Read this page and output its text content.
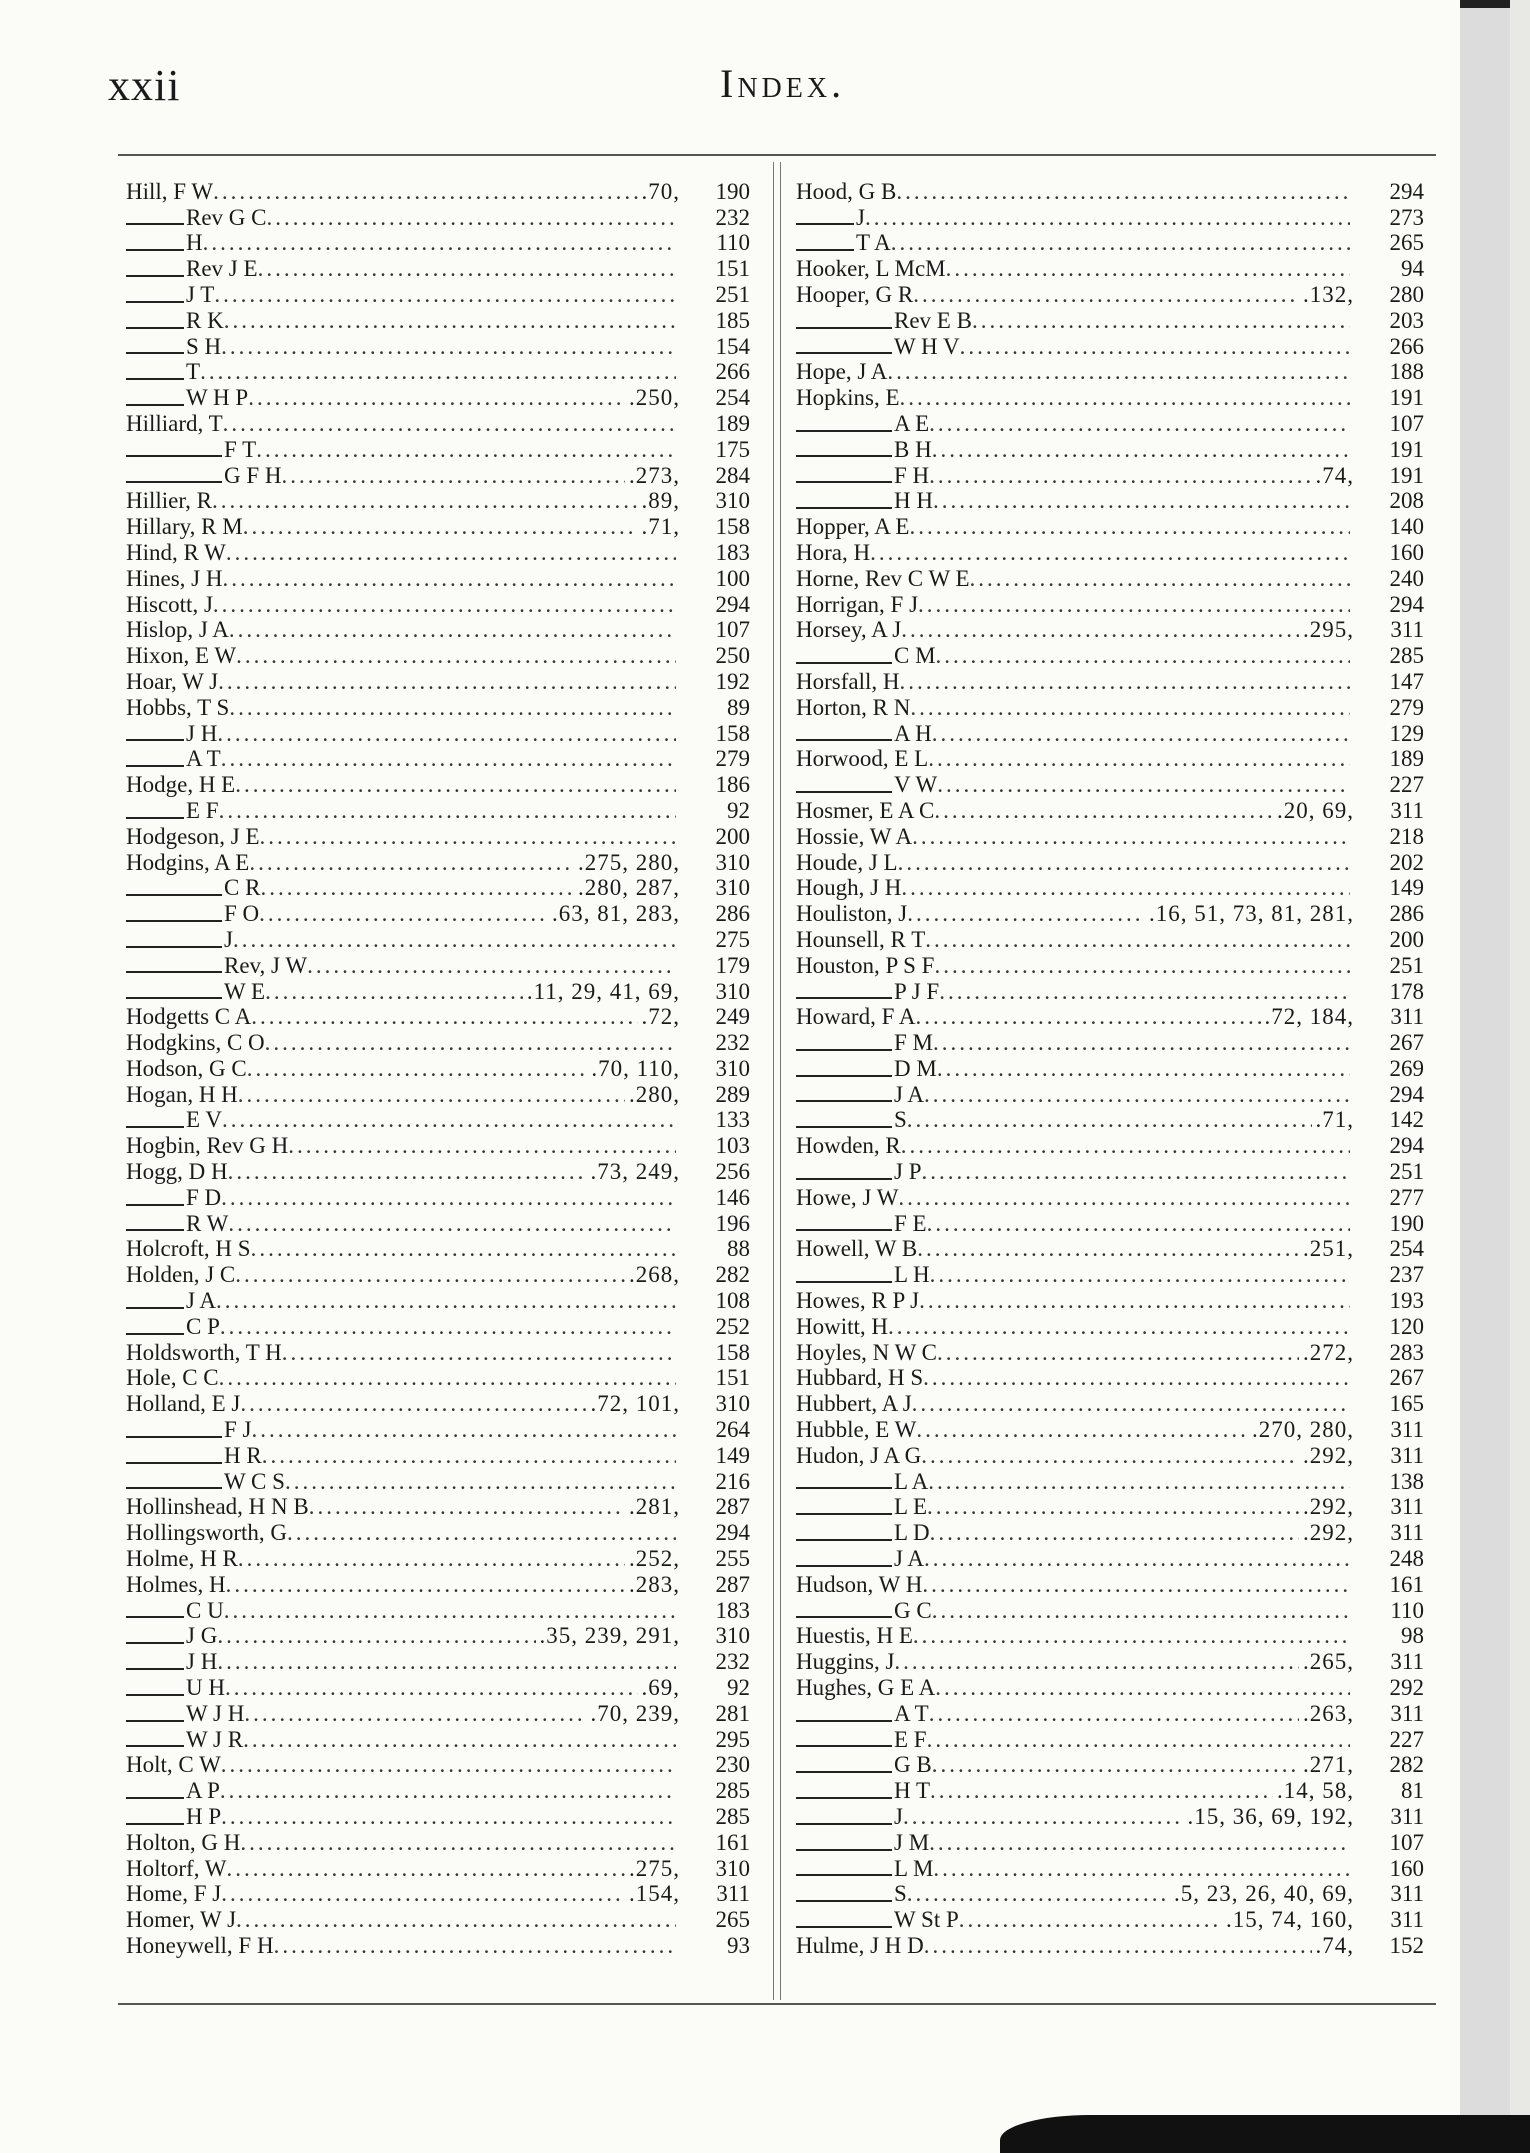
xxii	Index.
Hill, F W .....	.70,	190
Rev G C .....	232
H .....	110
Rev J E .....	151
J T .....	251
R K .....	185
S H .....	154
T .....	266
W H P .....	.250,	254
Hilliard, T .....	189
F T .....	175
G F H .....	.273,	284
Hillier, R .....	.89,	310
Hillary, R M .....	.71,	158
Hind, R W .....	183
Hines, J H .....	100
Hiscott, J .....	294
Hislop, J A .....	107
Hixon, E W .....	250
Hoar, W J .....	192
Hobbs, T S .....	89
J H .....	158
A T .....	279
Hodge, H E .....	186
E F .....	92
Hodgeson, J E .....	200
Hodgins, A E .....	.275, 280,	310
C R .....	.280, 287,	310
F O .....	.63, 81, 283,	286
J .....	275
Rev, J W .....	179
W E .....	.11, 29, 41, 69,	310
Hodgetts C A .....	.72,	249
Hodgkins, C O .....	232
Hodson, G C .....	.70, 110,	310
Hogan, H H .....	.280,	289
E V .....	133
Hogbin, Rev G H .....	103
Hogg, D H .....	.73, 249,	256
F D .....	146
R W .....	196
Holcroft, H S .....	88
Holden, J C .....	.268,	282
J A .....	108
C P .....	252
Holdsworth, T H .....	158
Hole, C C .....	151
Holland, E J .....	.72, 101,	310
F J .....	264
H R .....	149
W C S .....	216
Hollinshead, H N B .....	.281,	287
Hollingsworth, G .....	294
Holme, H R .....	.252,	255
Holmes, H .....	.283,	287
C U .....	183
J G .....	.35, 239, 291,	310
J H .....	232
U H .....	.69,	92
W J H .....	.70, 239,	281
W J R .....	295
Holt, C W .....	230
A P .....	285
H P .....	285
Holton, G H .....	161
Holtorf, W .....	.275,	310
Home, F J .....	.154,	311
Homer, W J .....	265
Honeywell, F H .....	93
Hood, G B .....	294
J .....	273
T A .....	265
Hooker, L McM .....	94
Hooper, G R .....	.132,	280
Rev E B .....	203
W H V .....	266
Hope, J A .....	188
Hopkins, E .....	191
A E .....	107
B H .....	191
F H .....	.74,	191
H H .....	208
Hopper, A E .....	140
Hora, H .....	160
Horne, Rev C W E .....	240
Horrigan, F J .....	294
Horsey, A J .....	.295,	311
C M .....	285
Horsfall, H .....	147
Horton, R N .....	279
A H .....	129
Horwood, E L .....	189
V W .....	227
Hosmer, E A C .....	.20, 69,	311
Hossie, W A .....	218
Houde, J L .....	202
Hough, J H .....	149
Houliston, J .....	.16, 51, 73, 81, 281,	286
Hounsell, R T .....	200
Houston, P S F .....	251
P J F .....	178
Howard, F A .....	.72, 184,	311
F M .....	267
D M .....	269
J A .....	294
S .....	.71,	142
Howden, R .....	294
J P .....	251
Howe, J W .....	277
F E .....	190
Howell, W B .....	.251,	254
L H .....	237
Howes, R P J .....	193
Howitt, H .....	120
Hoyles, N W C .....	.272,	283
Hubbard, H S .....	267
Hubbert, A J .....	165
Hubble, E W .....	.270, 280,	311
Hudon, J A G .....	.292,	311
L A .....	138
L E .....	.292,	311
L D .....	.292,	311
J A .....	248
Hudson, W H .....	161
G C .....	110
Huestis, H E .....	98
Huggins, J .....	.265,	311
Hughes, G E A .....	292
A T .....	.263,	311
E F .....	227
G B .....	.271,	282
H T .....	.14, 58,	81
J .....	.15, 36, 69, 192,	311
J M .....	107
L M .....	160
S .....	.5, 23, 26, 40, 69,	311
W St P .....	.15, 74, 160,	311
Hulme, J H D .....	.74,	152
